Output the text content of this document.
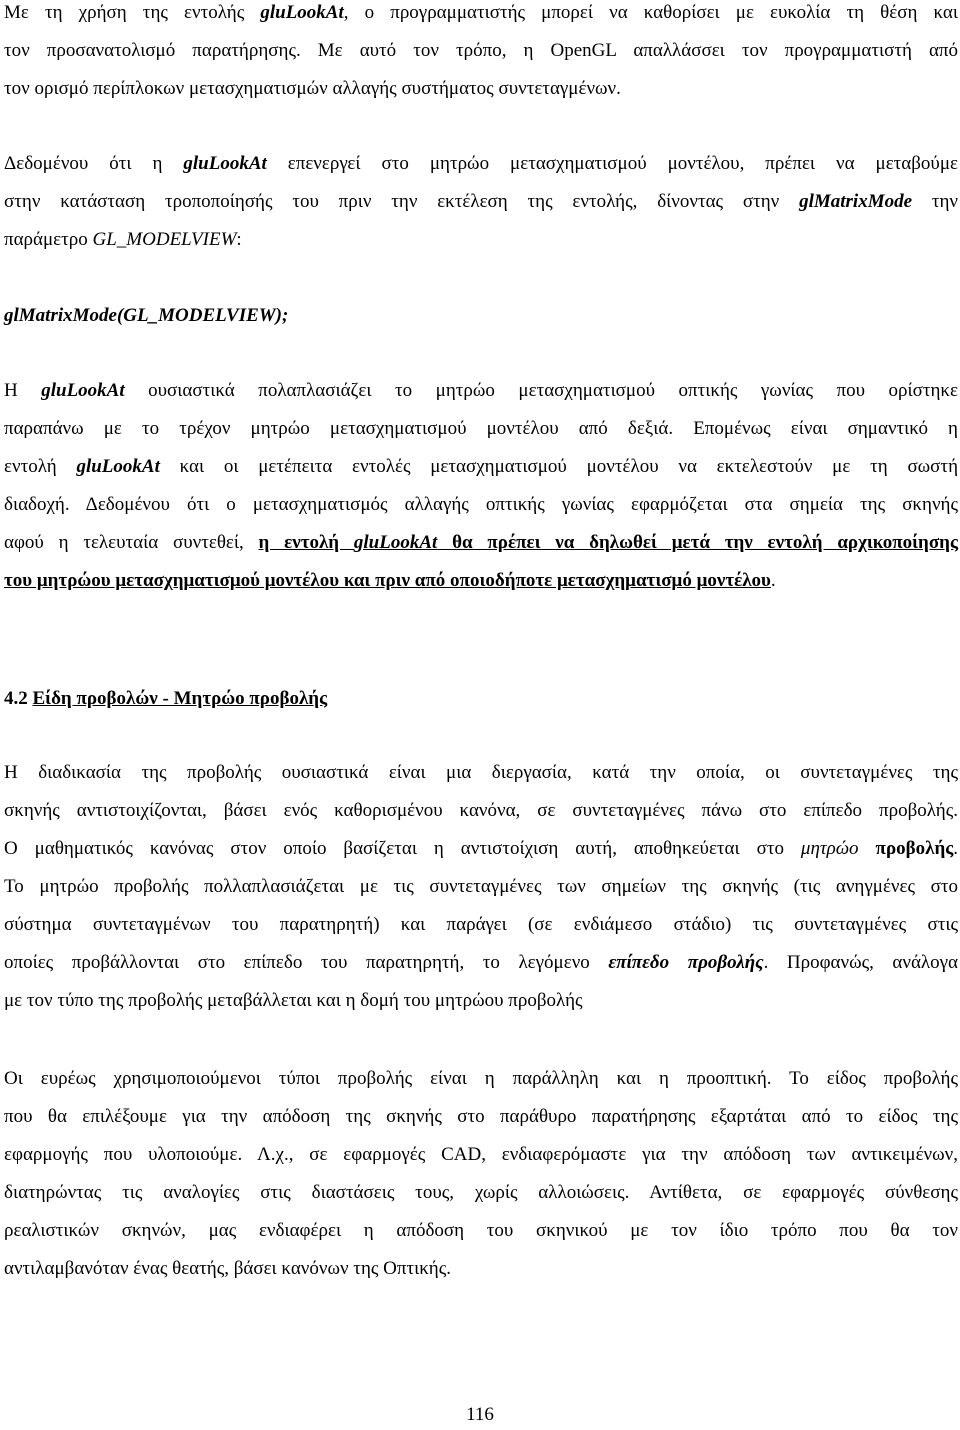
Με τη χρήση της εντολής gluLookAt, ο προγραμματιστής μπορεί να καθορίσει με ευκολία τη θέση και
τον προσανατολισμό παρατήρησης. Με αυτό τον τρόπο, η OpenGL απαλλάσσει τον προγραμματιστή από
τον ορισμό περίπλοκων μετασχηματισμών αλλαγής συστήματος συντεταγμένων.
Δεδομένου ότι η gluLookAt επενεργεί στο μητρώο μετασχηματισμού μοντέλου, πρέπει να μεταβούμε
στην κατάσταση τροποποίησής του πριν την εκτέλεση της εντολής, δίνοντας στην glMatrixMode την
παράμετρο GL_MODELVIEW:
glMatrixMode(GL_MODELVIEW);
Η gluLookAt ουσιαστικά πολαπλασιάζει το μητρώο μετασχηματισμού οπτικής γωνίας που ορίστηκε
παραπάνω με το τρέχον μητρώο μετασχηματισμού μοντέλου από δεξιά. Επομένως είναι σημαντικό η
εντολή gluLookAt και οι μετέπειτα εντολές μετασχηματισμού μοντέλου να εκτελεστούν με τη σωστή
διαδοχή. Δεδομένου ότι ο μετασχηματισμός αλλαγής οπτικής γωνίας εφαρμόζεται στα σημεία της σκηνής
αφού η τελευταία συντεθεί, η εντολή gluLookAt θα πρέπει να δηλωθεί μετά την εντολή αρχικοποίησης
του μητρώου μετασχηματισμού μοντέλου και πριν από οποιοδήποτε μετασχηματισμό μοντέλου.
4.2 Είδη προβολών - Μητρώο προβολής
Η διαδικασία της προβολής ουσιαστικά είναι μια διεργασία, κατά την οποία, οι συντεταγμένες της
σκηνής αντιστοιχίζονται, βάσει ενός καθορισμένου κανόνα, σε συντεταγμένες πάνω στο επίπεδο προβολής.
Ο μαθηματικός κανόνας στον οποίο βασίζεται η αντιστοίχιση αυτή, αποθηκεύεται στο μητρώο προβολής.
Το μητρώο προβολής πολλαπλασιάζεται με τις συντεταγμένες των σημείων της σκηνής (τις ανηγμένες στο
σύστημα συντεταγμένων του παρατηρητή) και παράγει (σε ενδιάμεσο στάδιο) τις συντεταγμένες στις
οποίες προβάλλονται στο επίπεδο του παρατηρητή, το λεγόμενο επίπεδο προβολής. Προφανώς, ανάλογα
με τον τύπο της προβολής μεταβάλλεται και η δομή του μητρώου προβολής
Οι ευρέως χρησιμοποιούμενοι τύποι προβολής είναι η παράλληλη και η προοπτική. Το είδος προβολής
που θα επιλέξουμε για την απόδοση της σκηνής στο παράθυρο παρατήρησης εξαρτάται από το είδος της
εφαρμογής που υλοποιούμε. Λ.χ., σε εφαρμογές CAD, ενδιαφερόμαστε για την απόδοση των αντικειμένων,
διατηρώντας τις αναλογίες στις διαστάσεις τους, χωρίς αλλοιώσεις. Αντίθετα, σε εφαρμογές σύνθεσης
ρεαλιστικών σκηνών, μας ενδιαφέρει η απόδοση του σκηνικού με τον ίδιο τρόπο που θα τον
αντιλαμβανόταν ένας θεατής, βάσει κανόνων της Οπτικής.
116
